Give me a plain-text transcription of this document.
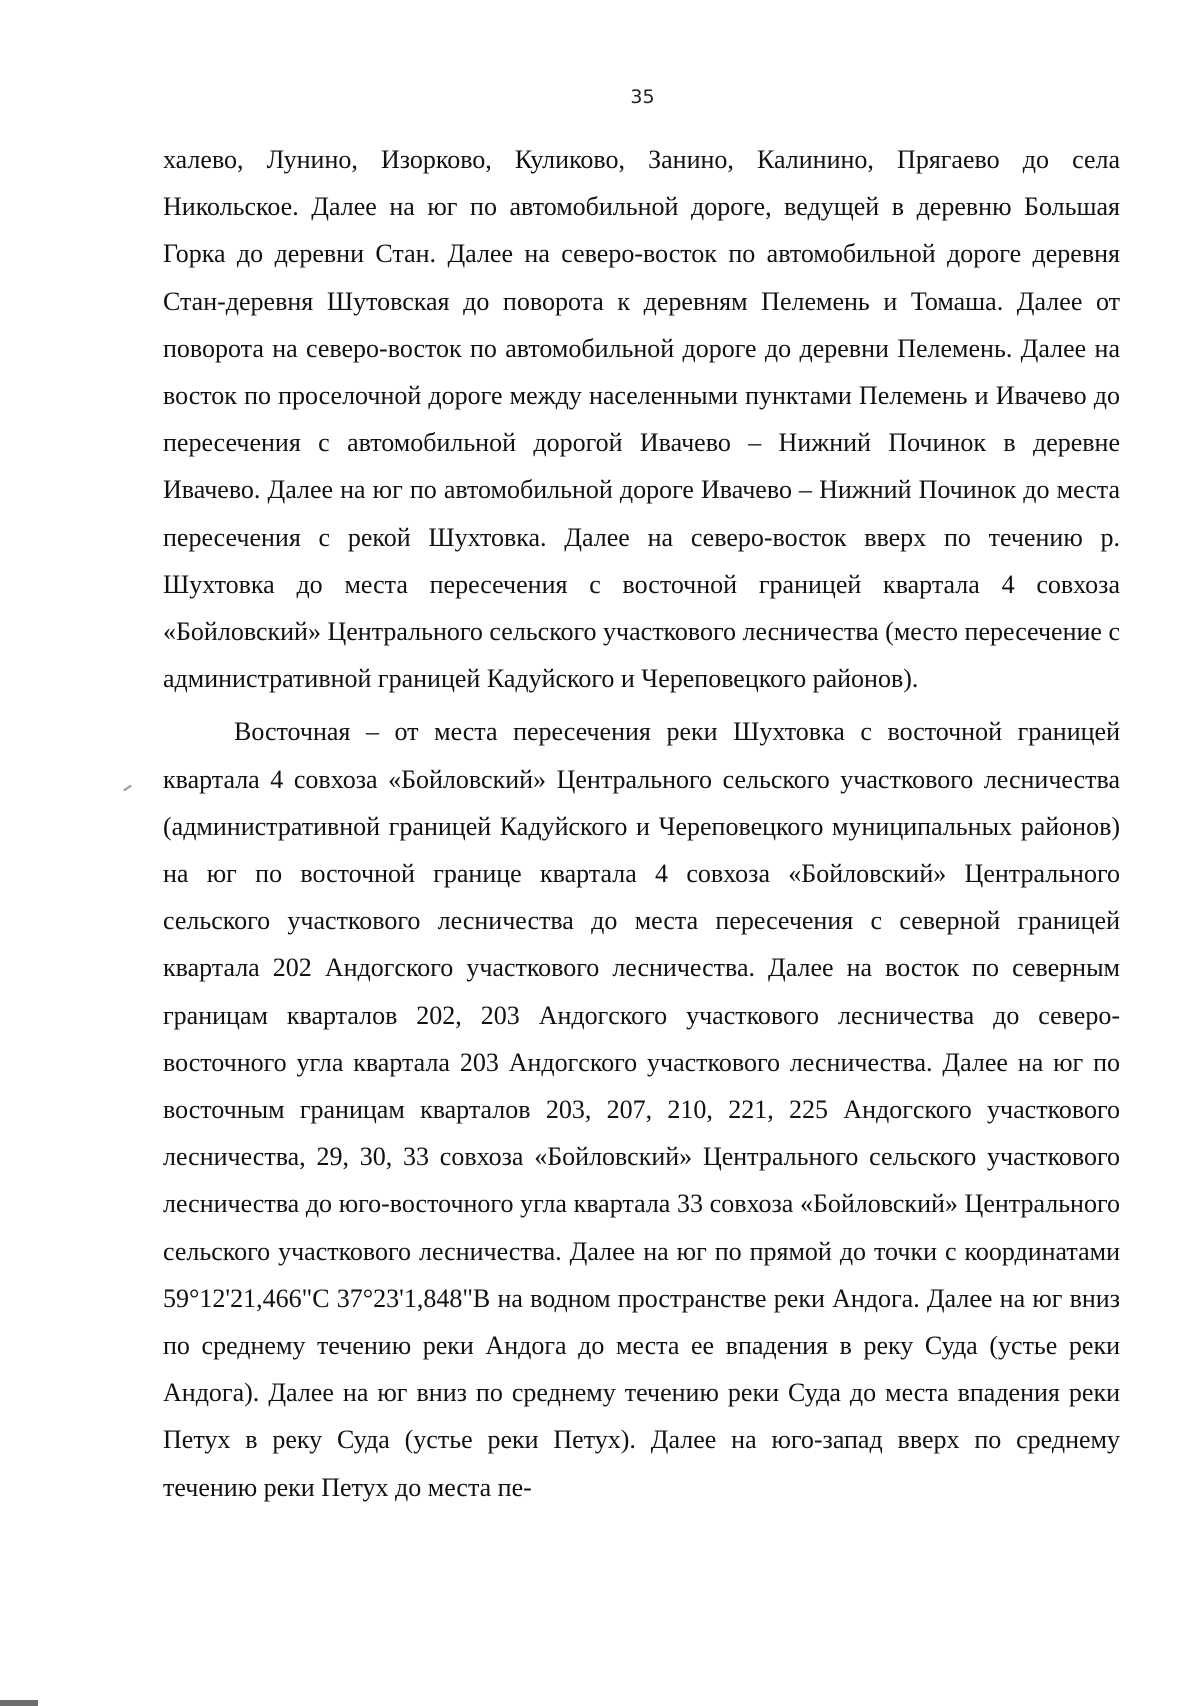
35

халево, Лунино, Изорково, Куликово, Занино, Калинино, Прягаево до села Никольское. Далее на юг по автомобильной дороге, ведущей в деревню Большая Горка до деревни Стан. Далее на северо-восток по автомобильной дороге деревня Стан-деревня Шутовская до поворота к деревням Пелемень и Томаша. Далее от поворота на северо-восток по автомобильной дороге до деревни Пелемень. Далее на восток по проселочной дороге между населенными пунктами Пелемень и Ивачево до пересечения с автомобильной дорогой Ивачево – Нижний Починок в деревне Ивачево. Далее на юг по автомобильной дороге Ивачево – Нижний Починок до места пересечения с рекой Шухтовка. Далее на северо-восток вверх по течению р. Шухтовка до места пересечения с восточной границей квартала 4 совхоза «Бойловский» Центрального сельского участкового лесничества (место пересечение с административной границей Кадуйского и Череповецкого районов).

Восточная – от места пересечения реки Шухтовка с восточной границей квартала 4 совхоза «Бойловский» Центрального сельского участкового лесничества (административной границей Кадуйского и Череповецкого муниципальных районов) на юг по восточной границе квартала 4 совхоза «Бойловский» Центрального сельского участкового лесничества до места пересечения с северной границей квартала 202 Андогского участкового лесничества. Далее на восток по северным границам кварталов 202, 203 Андогского участкового лесничества до северо-восточного угла квартала 203 Андогского участкового лесничества. Далее на юг по восточным границам кварталов 203, 207, 210, 221, 225 Андогского участкового лесничества, 29, 30, 33 совхоза «Бойловский» Центрального сельского участкового лесничества до юго-восточного угла квартала 33 совхоза «Бойловский» Центрального сельского участкового лесничества. Далее на юг по прямой до точки с координатами 59°12'21,466"С 37°23'1,848"В на водном пространстве реки Андога. Далее на юг вниз по среднему течению реки Андога до места ее впадения в реку Суда (устье реки Андога). Далее на юг вниз по среднему течению реки Суда до места впадения реки Петух в реку Суда (устье реки Петух). Далее на юго-запад вверх по среднему течению реки Петух до места пе-
